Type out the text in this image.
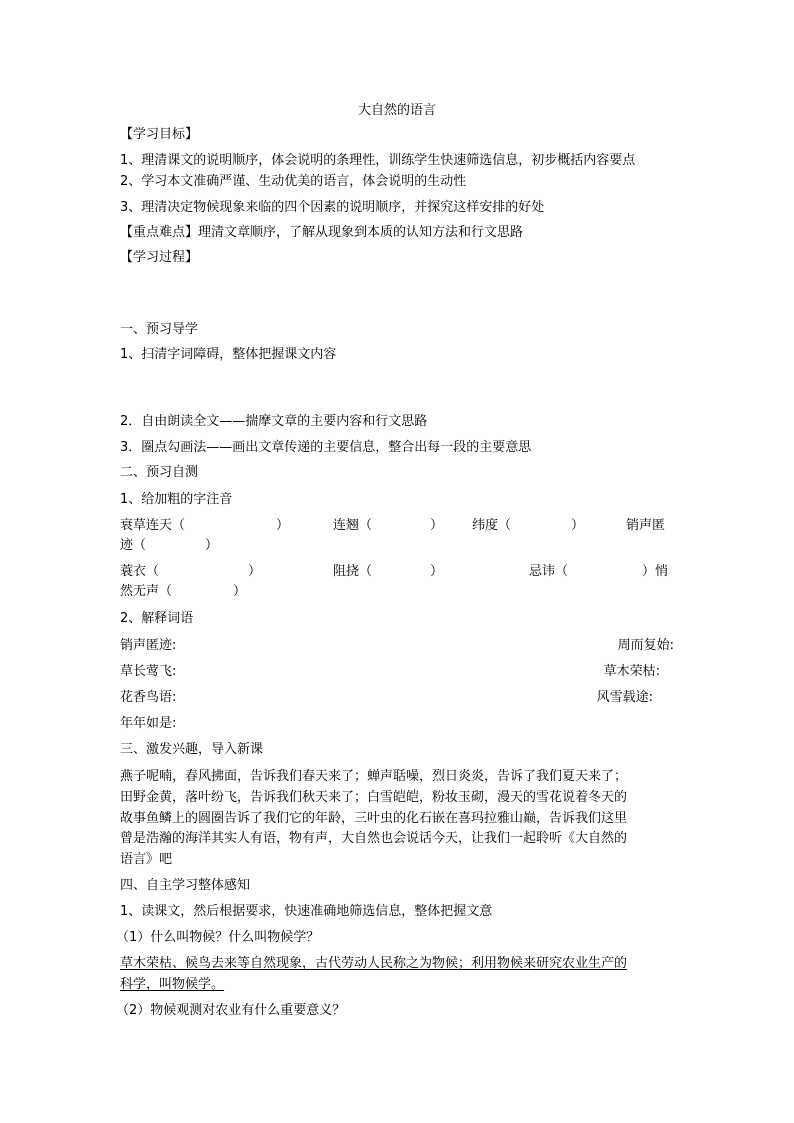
大自然的语言
【学习目标】
1、理清课文的说明顺序，体会说明的条理性，训练学生快速筛选信息，初步概括内容要点
2、学习本文准确严谨、生动优美的语言，体会说明的生动性
3、理清决定物候现象来临的四个因素的说明顺序，并探究这样安排的好处
【重点难点】理清文章顺序，了解从现象到本质的认知方法和行文思路
【学习过程】
一、预习导学
1、扫清字词障碍，整体把握课文内容
2．自由朗读全文——揣摩文章的主要内容和行文思路
3．圈点勾画法——画出文章传递的主要信息，整合出每一段的主要意思
二、预习自测
1、给加粗的字注音
衰草连天（	）	连翘（	） 纬度（	）	销声匿
迹（	）
蓑衣（	）	阻挠（	）	忌讳（	）悄
然无声（	）
2、解释词语
销声匿迹:	周而复始:
草长莺飞:	草木荣枯:
花香鸟语:	风雪载途:
年年如是:
三、激发兴趣，导入新课
燕子呢喃，春风拂面，告诉我们春天来了；蝉声聒噪，烈日炎炎，告诉了我们夏天来了；
田野金黄，落叶纷飞，告诉我们秋天来了；白雪皑皑，粉妆玉砌，漫天的雪花说着冬天的
故事鱼鳞上的圆圈告诉了我们它的年龄，三叶虫的化石嵌在喜玛拉雅山巅，告诉我们这里
曾是浩瀚的海洋其实人有语，物有声，大自然也会说话今天，让我们一起聆听《大自然的
语言》吧
四、自主学习整体感知
1、读课文，然后根据要求，快速准确地筛选信息，整体把握文意
（1）什么叫物候？什么叫物候学？
草木荣枯、候鸟去来等自然现象，古代劳动人民称之为物候；利用物候来研究农业生产的
科学，叫物候学。
（2）物候观测对农业有什么重要意义？
